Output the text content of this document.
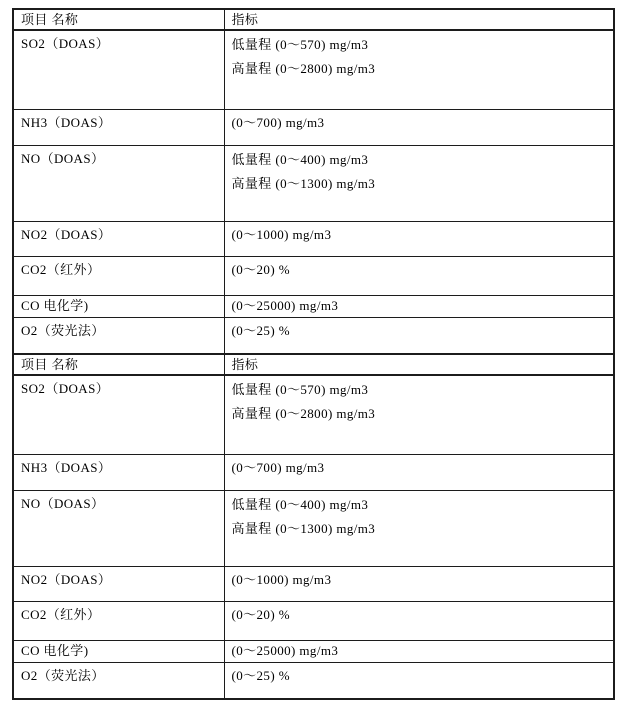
项目 名称	指标
SO2（DOAS）	低量程 (0～570) mg/m3
高量程 (0～2800) mg/m3

NH3（DOAS）	(0～700) mg/m3

NO（DOAS）	低量程 (0～400) mg/m3
高量程 (0～1300) mg/m3

NO2（DOAS）	(0～1000) mg/m3

CO2（红外）	(0～20) %

CO 电化学)	(0～25000) mg/m3

O2（荧光法）	(0～25) %

项目 名称	指标
SO2（DOAS）	低量程 (0～570) mg/m3
高量程 (0～2800) mg/m3

NH3（DOAS）	(0～700) mg/m3

NO（DOAS）	低量程 (0～400) mg/m3
高量程 (0～1300) mg/m3

NO2（DOAS）	(0～1000) mg/m3

CO2（红外）	(0～20) %

CO 电化学)	(0～25000) mg/m3

O2（荧光法）	(0～25) %
